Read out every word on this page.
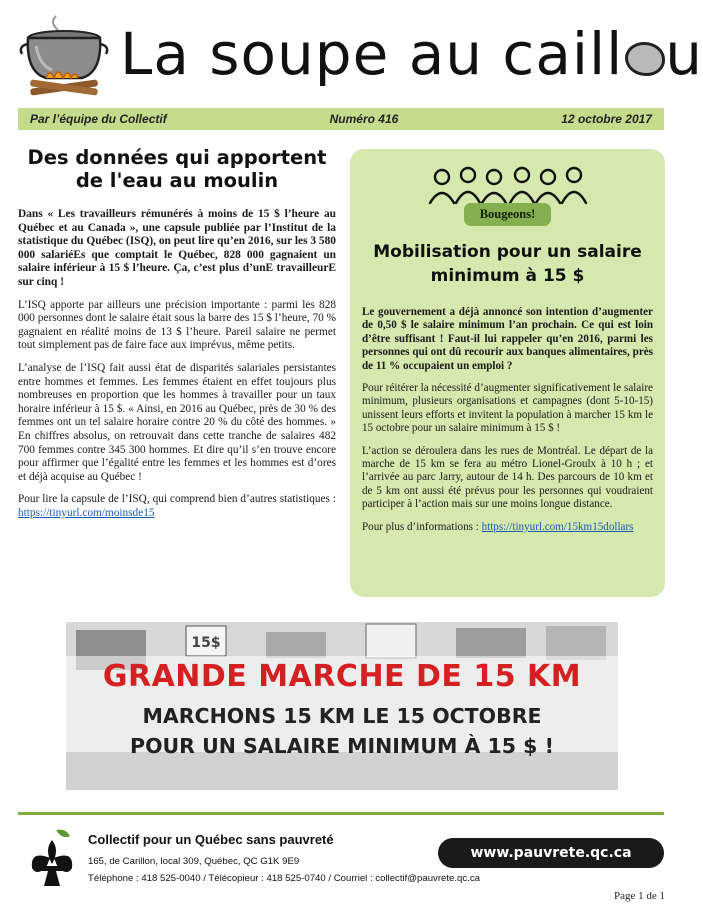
La soupe au caill u
Par l’équipe du Collectif	Numéro 416	12 octobre 2017
Des données qui apportent de l'eau au moulin

Dans « Les travailleurs rémunérés à moins de 15 $ l’heure au Québec et au Canada », une capsule publiée par l’Institut de la statistique du Québec (ISQ), on peut lire qu’en 2016, sur les 3 580 000 salariéEs que comptait le Québec, 828 000 gagnaient un salaire inférieur à 15 $ l’heure. Ça, c’est plus d’unE travailleurE sur cinq !

L’ISQ apporte par ailleurs une précision importante : parmi les 828 000 personnes dont le salaire était sous la barre des 15 $ l’heure, 70 % gagnaient en réalité moins de 13 $ l’heure. Pareil salaire ne permet tout simplement pas de faire face aux imprévus, même petits.

L’analyse de l’ISQ fait aussi état de disparités salariales persistantes entre hommes et femmes. Les femmes étaient en effet toujours plus nombreuses en proportion que les hommes à travailler pour un taux horaire inférieur à 15 $. « Ainsi, en 2016 au Québec, près de 30 % des femmes ont un tel salaire horaire contre 20 % du côté des hommes. » En chiffres absolus, on retrouvait dans cette tranche de salaires 482 700 femmes contre 345 300 hommes. Et dire qu’il s’en trouve encore pour affirmer que l’égalité entre les femmes et les hommes est d’ores et déjà acquise au Québec !

Pour lire la capsule de l’ISQ, qui comprend bien d’autres statistiques : https://tinyurl.com/moinsde15

Bougeons!
Mobilisation pour un salaire minimum à 15 $

Le gouvernement a déjà annoncé son intention d’augmenter de 0,50 $ le salaire minimum l’an prochain. Ce qui est loin d’être suffisant ! Faut-il lui rappeler qu’en 2016, parmi les personnes qui ont dû recourir aux banques alimentaires, près de 11 % occupaient un emploi ?

Pour réitérer la nécessité d’augmenter significativement le salaire minimum, plusieurs organisations et campagnes (dont 5-10-15) unissent leurs efforts et invitent la population à marcher 15 km le 15 octobre pour un salaire minimum à 15 $ !

L’action se déroulera dans les rues de Montréal. Le départ de la marche de 15 km se fera au métro Lionel-Groulx à 10 h ; et l’arrivée au parc Jarry, autour de 14 h. Des parcours de 10 km et de 5 km ont aussi été prévus pour les personnes qui voudraient participer à l’action mais sur une moins longue distance.

Pour plus d’informations : https://tinyurl.com/15km15dollars

15$
GRANDE MARCHE DE 15 KM
MARCHONS 15 KM LE 15 OCTOBRE
POUR UN SALAIRE MINIMUM À 15 $ !
Collectif pour un Québec sans pauvreté
165, de Carillon, local 309, Québec, QC G1K 9E9
Téléphone : 418 525-0040 / Télécopieur : 418 525-0740 / Courriel : collectif@pauvrete.qc.ca
www.pauvrete.qc.ca
Page 1 de 1
